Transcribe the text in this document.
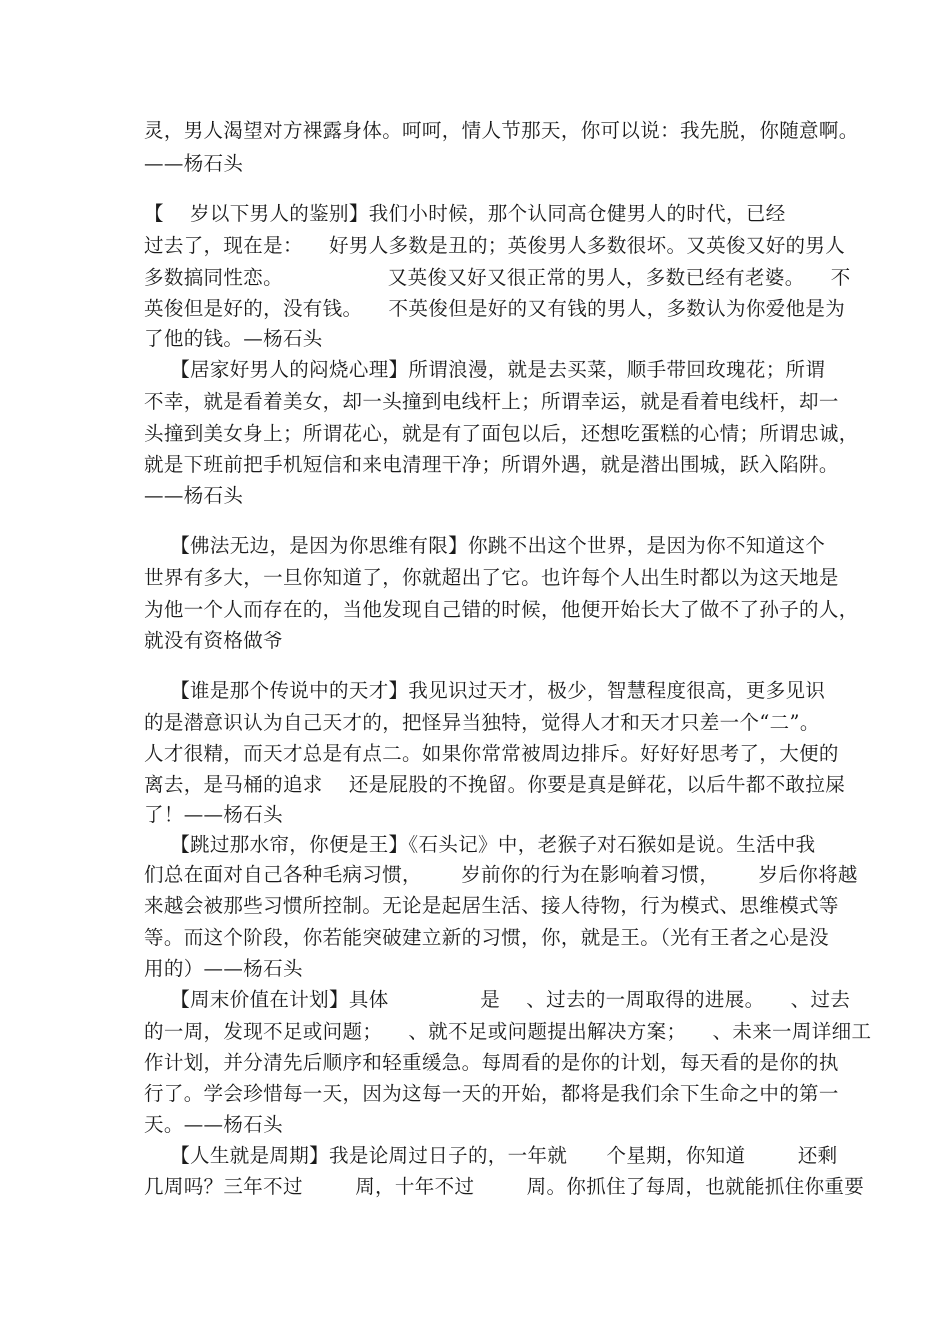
灵，男人渴望对方裸露身体。呵呵，情人节那天，你可以说：我先脱，你随意啊。
——杨石头
【    岁以下男人的鉴别】我们小时候，那个认同高仓健男人的时代，已经
过去了，现在是：    好男人多数是丑的；英俊男人多数很坏。又英俊又好的男人
多数搞同性恋。                又英俊又好又很正常的男人，多数已经有老婆。    不
英俊但是好的，没有钱。    不英俊但是好的又有钱的男人，多数认为你爱他是为
了他的钱。—杨石头
【居家好男人的闷烧心理】所谓浪漫，就是去买菜，顺手带回玫瑰花；所谓
不幸，就是看着美女，却一头撞到电线杆上；所谓幸运，就是看着电线杆，却一
头撞到美女身上；所谓花心，就是有了面包以后，还想吃蛋糕的心情；所谓忠诚，
就是下班前把手机短信和来电清理干净；所谓外遇，就是潜出围城，跃入陷阱。
——杨石头
【佛法无边，是因为你思维有限】你跳不出这个世界，是因为你不知道这个
世界有多大，一旦你知道了，你就超出了它。也许每个人出生时都以为这天地是
为他一个人而存在的，当他发现自己错的时候，他便开始长大了做不了孙子的人，
就没有资格做爷
【谁是那个传说中的天才】我见识过天才，极少，智慧程度很高，更多见识
的是潜意识认为自己天才的，把怪异当独特，觉得人才和天才只差一个“二”。
人才很精，而天才总是有点二。如果你常常被周边排斥。好好好思考了，大便的
离去，是马桶的追求    还是屁股的不挽留。你要是真是鲜花，以后牛都不敢拉屎
了！——杨石头
【跳过那水帘，你便是王】《石头记》中，老猴子对石猴如是说。生活中我
们总在面对自己各种毛病习惯，      岁前你的行为在影响着习惯，      岁后你将越
来越会被那些习惯所控制。无论是起居生活、接人待物，行为模式、思维模式等
等。而这个阶段，你若能突破建立新的习惯，你，就是王。（光有王者之心是没
用的）——杨石头
【周末价值在计划】具体              是    、过去的一周取得的进展。    、过去
的一周，发现不足或问题；    、就不足或问题提出解决方案；    、未来一周详细工
作计划，并分清先后顺序和轻重缓急。每周看的是你的计划，每天看的是你的执
行了。学会珍惜每一天，因为这每一天的开始，都将是我们余下生命之中的第一
天。——杨石头
【人生就是周期】我是论周过日子的，一年就      个星期，你知道        还剩
几周吗？三年不过        周，十年不过        周。你抓住了每周，也就能抓住你重要
